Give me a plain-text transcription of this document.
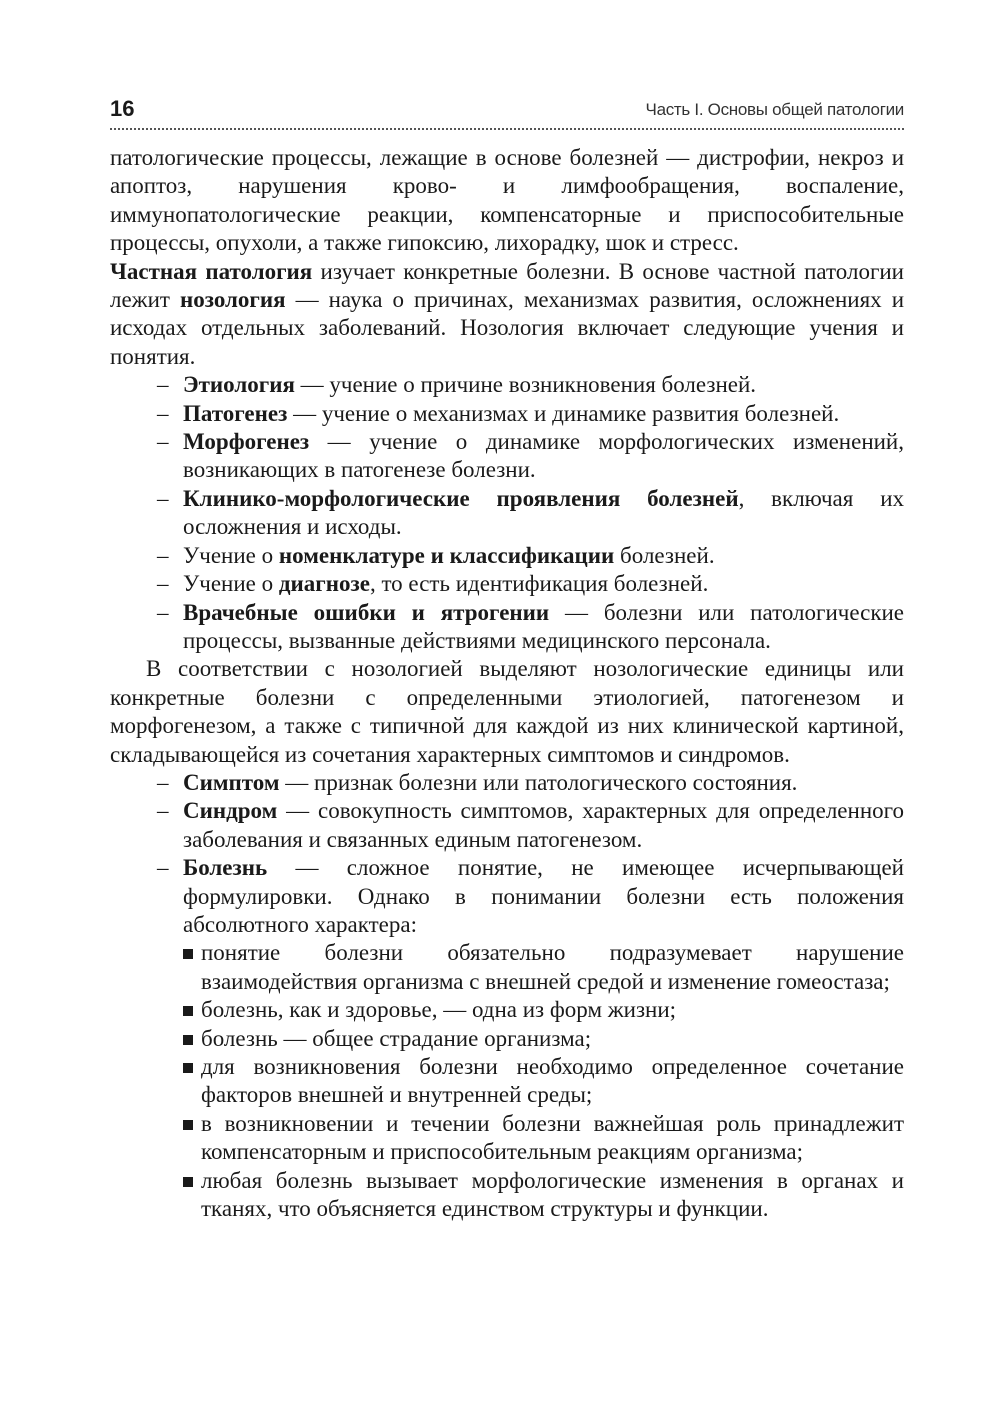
16	Часть I. Основы общей патологии

патологические процессы, лежащие в основе болезней — дистрофии, некроз и апоптоз, нарушения крово- и лимфообращения, воспаление, иммунопатологические реакции, компенсаторные и приспособительные процессы, опухоли, а также гипоксию, лихорадку, шок и стресс.

Частная патология изучает конкретные болезни. В основе частной патологии лежит нозология — наука о причинах, механизмах развития, осложнениях и исходах отдельных заболеваний. Нозология включает следующие учения и понятия.

– Этиология — учение о причине возникновения болезней.
– Патогенез — учение о механизмах и динамике развития болезней.
– Морфогенез — учение о динамике морфологических изменений, возникающих в патогенезе болезни.
– Клинико-морфологические проявления болезней, включая их осложнения и исходы.
– Учение о номенклатуре и классификации болезней.
– Учение о диагнозе, то есть идентификация болезней.
– Врачебные ошибки и ятрогении — болезни или патологические процессы, вызванные действиями медицинского персонала.

В соответствии с нозологией выделяют нозологические единицы или конкретные болезни с определенными этиологией, патогенезом и морфогенезом, а также с типичной для каждой из них клинической картиной, складывающейся из сочетания характерных симптомов и синдромов.

– Симптом — признак болезни или патологического состояния.
– Синдром — совокупность симптомов, характерных для определенного заболевания и связанных единым патогенезом.
– Болезнь — сложное понятие, не имеющее исчерпывающей формулировки. Однако в понимании болезни есть положения абсолютного характера:
понятие болезни обязательно подразумевает нарушение взаимодействия организма с внешней средой и изменение гомеостаза;
болезнь, как и здоровье, — одна из форм жизни;
болезнь — общее страдание организма;
для возникновения болезни необходимо определенное сочетание факторов внешней и внутренней среды;
в возникновении и течении болезни важнейшая роль принадлежит компенсаторным и приспособительным реакциям организма;
любая болезнь вызывает морфологические изменения в органах и тканях, что объясняется единством структуры и функции.
